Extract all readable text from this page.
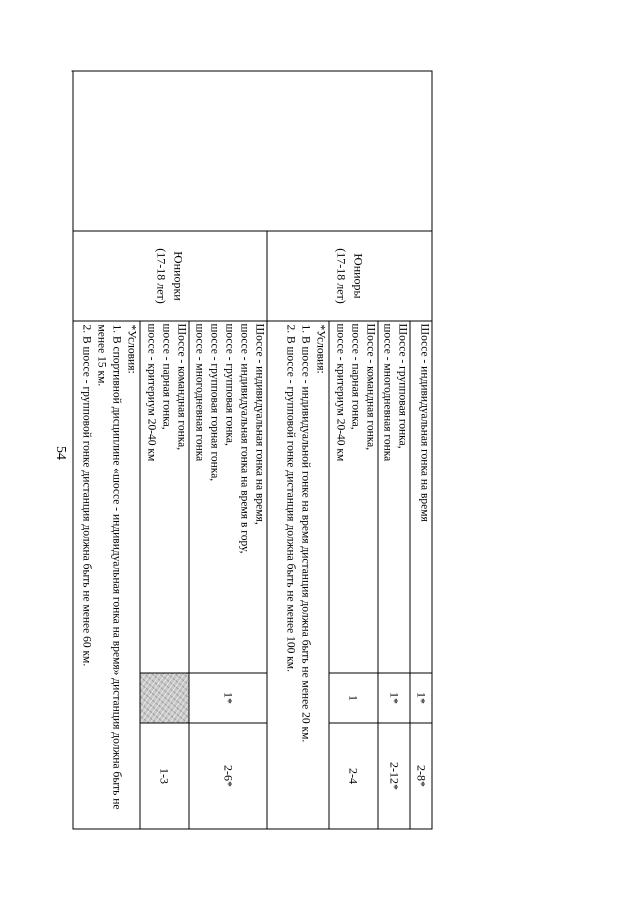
54

	Юниоры
(17-18 лет)	Шоссе - индивидуальная гонка на время	1*	2-8*

		Шоссе - групповая гонка,
шоссе - многодневная гонка	1*	2-12*

		Шоссе - командная гонка,
шоссе - парная гонка,
шоссе - критериум 20-40 км	1	2-4

		*Условия:
1. В шоссе - индивидуальной гонке на время дистанция должна быть не менее 20 км.
2. В шоссе - групповой гонке дистанция должна быть не менее 100 км.		

	Юниорки
(17-18 лет)	Шоссе - индивидуальная гонка на время,
шоссе - индивидуальная гонка на время в гору,
шоссе - групповая гонка,
шоссе - групповая горная гонка,
шоссе - многодневная гонка	1*	2-6*

		Шоссе - командная гонка,
шоссе - парная гонка,
шоссе - критериум 20-40 км		1-3

		*Условия:
1. В спортивной дисциплине «шоссе - индивидуальная гонка на время» дистанция должна быть не менее 15 км.
2. В шоссе - групповой гонке дистанция должна быть не менее 60 км.		
